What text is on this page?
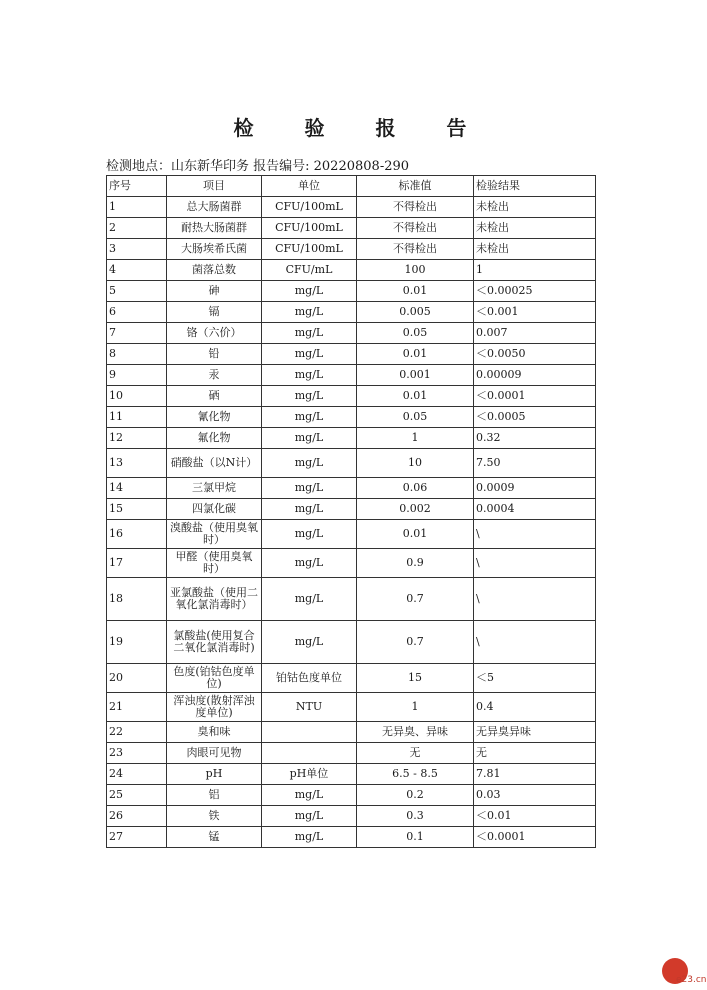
检 验 报 告
检测地点：山东新华印务 报告编号: 20220808-290
序号	项目	单位	标准值	检验结果
1	总大肠菌群	CFU/100mL	不得检出	未检出
2	耐热大肠菌群	CFU/100mL	不得检出	未检出
3	大肠埃希氏菌	CFU/100mL	不得检出	未检出
4	菌落总数	CFU/mL	100	1
5	砷	mg/L	0.01	＜0.00025
6	镉	mg/L	0.005	＜0.001
7	铬（六价）	mg/L	0.05	0.007
8	铅	mg/L	0.01	＜0.0050
9	汞	mg/L	0.001	0.00009
10	硒	mg/L	0.01	＜0.0001
11	氰化物	mg/L	0.05	＜0.0005
12	氟化物	mg/L	1	0.32
13	硝酸盐（以N计）	mg/L	10	7.50
14	三氯甲烷	mg/L	0.06	0.0009
15	四氯化碳	mg/L	0.002	0.0004
16	溴酸盐（使用臭氧时）	mg/L	0.01	\
17	甲醛（使用臭氧时）	mg/L	0.9	\
18	亚氯酸盐（使用二氧化氯消毒时）	mg/L	0.7	\
19	氯酸盐(使用复合二氧化氯消毒时)	mg/L	0.7	\
20	色度(铂钴色度单位)	铂钴色度单位	15	＜5
21	浑浊度(散射浑浊度单位)	NTU	1	0.4
22	臭和味		无异臭、异味	无异臭异味
23	肉眼可见物		无	无
24	pH	pH单位	6.5 - 8.5	7.81
25	铝	mg/L	0.2	0.03
26	铁	mg/L	0.3	＜0.01
27	锰	mg/L	0.1	＜0.0001
e23.cn
